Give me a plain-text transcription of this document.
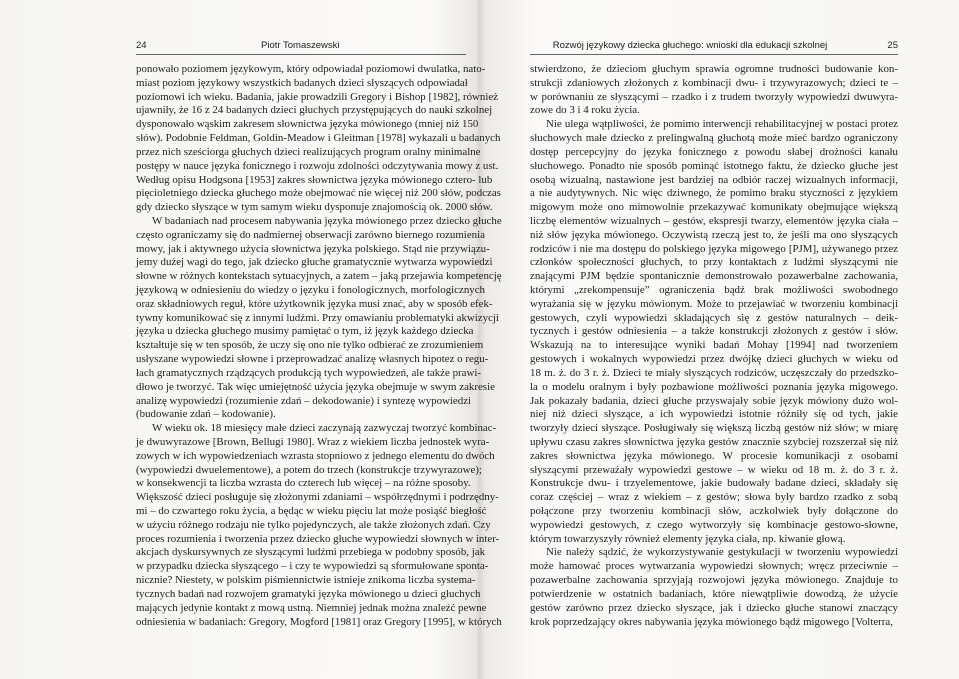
24	Piotr Tomaszewski
ponowało poziomem językowym, który odpowiadał poziomowi dwulatka, nato-
miast poziom językowy wszystkich badanych dzieci słyszących odpowiadał
poziomowi ich wieku. Badania, jakie prowadzili Gregory i Bishop [1982], również
ujawniły, że 16 z 24 badanych dzieci głuchych przystępujących do nauki szkolnej
dysponowało wąskim zakresem słownictwa języka mówionego (mniej niż 150
słów). Podobnie Feldman, Goldin-Meadow i Gleitman [1978] wykazali u badanych
przez nich sześciorga głuchych dzieci realizujących program oralny minimalne
postępy w nauce języka fonicznego i rozwoju zdolności odczytywania mowy z ust.
Według opisu Hodgsona [1953] zakres słownictwa języka mówionego cztero- lub
pięcioletniego dziecka głuchego może obejmować nie więcej niż 200 słów, podczas
gdy dziecko słyszące w tym samym wieku dysponuje znajomością ok. 2000 słów.
W badaniach nad procesem nabywania języka mówionego przez dziecko głuche
często ograniczamy się do nadmiernej obserwacji zarówno biernego rozumienia
mowy, jak i aktywnego użycia słownictwa języka polskiego. Stąd nie przywiązu-
jemy dużej wagi do tego, jak dziecko głuche gramatycznie wytwarza wypowiedzi
słowne w różnych kontekstach sytuacyjnych, a zatem – jaką przejawia kompetencję
językową w odniesieniu do wiedzy o języku i fonologicznych, morfologicznych
oraz składniowych reguł, które użytkownik języka musi znać, aby w sposób efek-
tywny komunikować się z innymi ludźmi. Przy omawianiu problematyki akwizycji
języka u dziecka głuchego musimy pamiętać o tym, iż język każdego dziecka
kształtuje się w ten sposób, że uczy się ono nie tylko odbierać ze zrozumieniem
usłyszane wypowiedzi słowne i przeprowadzać analizę własnych hipotez o regu-
łach gramatycznych rządzących produkcją tych wypowiedzeń, ale także prawi-
dłowo je tworzyć. Tak więc umiejętność użycia języka obejmuje w swym zakresie
analizę wypowiedzi (rozumienie zdań – dekodowanie) i syntezę wypowiedzi
(budowanie zdań – kodowanie).
W wieku ok. 18 miesięcy małe dzieci zaczynają zazwyczaj tworzyć kombinac-
je dwuwyrazowe [Brown, Bellugi 1980]. Wraz z wiekiem liczba jednostek wyra-
zowych w ich wypowiedzeniach wzrasta stopniowo z jednego elementu do dwóch
(wypowiedzi dwuelementowe), a potem do trzech (konstrukcje trzywyrazowe);
w konsekwencji ta liczba wzrasta do czterech lub więcej – na różne sposoby.
Większość dzieci posługuje się złożonymi zdaniami – współrzędnymi i podrzędny-
mi – do czwartego roku życia, a będąc w wieku pięciu lat może posiąść biegłość
w użyciu różnego rodzaju nie tylko pojedynczych, ale także złożonych zdań. Czy
proces rozumienia i tworzenia przez dziecko głuche wypowiedzi słownych w inter-
akcjach dyskursywnych ze słyszącymi ludźmi przebiega w podobny sposób, jak
w przypadku dziecka słyszącego – i czy te wypowiedzi są sformułowane sponta-
nicznie? Niestety, w polskim piśmiennictwie istnieje znikoma liczba systema-
tycznych badań nad rozwojem gramatyki języka mówionego u dzieci głuchych
mających jedynie kontakt z mową ustną. Niemniej jednak można znaleźć pewne
odniesienia w badaniach: Gregory, Mogford [1981] oraz Gregory [1995], w których
Rozwój językowy dziecka głuchego: wnioski dla edukacji szkolnej	25
stwierdzono, że dzieciom głuchym sprawia ogromne trudności budowanie kon-
strukcji zdaniowych złożonych z kombinacji dwu- i trzywyrazowych; dzieci te –
w porównaniu ze słyszącymi – rzadko i z trudem tworzyły wypowiedzi dwuwyra-
zowe do 3 i 4 roku życia.
Nie ulega wątpliwości, że pomimo interwencji rehabilitacyjnej w postaci protez
słuchowych małe dziecko z prelingwalną głuchotą może mieć bardzo ograniczony
dostęp percepcyjny do języka fonicznego z powodu słabej drożności kanału
słuchowego. Ponadto nie sposób pominąć istotnego faktu, że dziecko głuche jest
osobą wizualną, nastawione jest bardziej na odbiór raczej wizualnych informacji,
a nie audytywnych. Nic więc dziwnego, że pomimo braku styczności z językiem
migowym może ono mimowolnie przekazywać komunikaty obejmujące większą
liczbę elementów wizualnych – gestów, ekspresji twarzy, elementów języka ciała –
niż słów języka mówionego. Oczywistą rzeczą jest to, że jeśli ma ono słyszących
rodziców i nie ma dostępu do polskiego języka migowego [PJM], używanego przez
członków społeczności głuchych, to przy kontaktach z ludźmi słyszącymi nie
znającymi PJM będzie spontanicznie demonstrowało pozawerbalne zachowania,
którymi „zrekompensuje” ograniczenia bądź brak możliwości swobodnego
wyrażania się w języku mówionym. Może to przejawiać w tworzeniu kombinacji
gestowych, czyli wypowiedzi składających się z gestów naturalnych – deik-
tycznych i gestów odniesienia – a także konstrukcji złożonych z gestów i słów.
Wskazują na to interesujące wyniki badań Mohay [1994] nad tworzeniem
gestowych i wokalnych wypowiedzi przez dwójkę dzieci głuchych w wieku od
18 m. ż. do 3 r. ż. Dzieci te miały słyszących rodziców, uczęszczały do przedszko-
la o modelu oralnym i były pozbawione możliwości poznania języka migowego.
Jak pokazały badania, dzieci głuche przyswajały sobie język mówiony dużo wol-
niej niż dzieci słyszące, a ich wypowiedzi istotnie różniły się od tych, jakie
tworzyły dzieci słyszące. Posługiwały się większą liczbą gestów niż słów; w miarę
upływu czasu zakres słownictwa języka gestów znacznie szybciej rozszerzał się niż
zakres słownictwa języka mówionego. W procesie komunikacji z osobami
słyszącymi przeważały wypowiedzi gestowe – w wieku od 18 m. ż. do 3 r. ż.
Konstrukcje dwu- i trzyelementowe, jakie budowały badane dzieci, składały się
coraz częściej – wraz z wiekiem – z gestów; słowa były bardzo rzadko z sobą
połączone przy tworzeniu kombinacji słów, aczkolwiek były dołączone do
wypowiedzi gestowych, z czego wytworzyły się kombinacje gestowo-słowne,
którym towarzyszyły również elementy języka ciała, np. kiwanie głową.
Nie należy sądzić, że wykorzystywanie gestykulacji w tworzeniu wypowiedzi
może hamować proces wytwarzania wypowiedzi słownych; wręcz przeciwnie –
pozawerbalne zachowania sprzyjają rozwojowi języka mówionego. Znajduje to
potwierdzenie w ostatnich badaniach, które niewątpliwie dowodzą, że użycie
gestów zarówno przez dziecko słyszące, jak i dziecko głuche stanowi znaczący
krok poprzedzający okres nabywania języka mówionego bądź migowego [Volterra,
